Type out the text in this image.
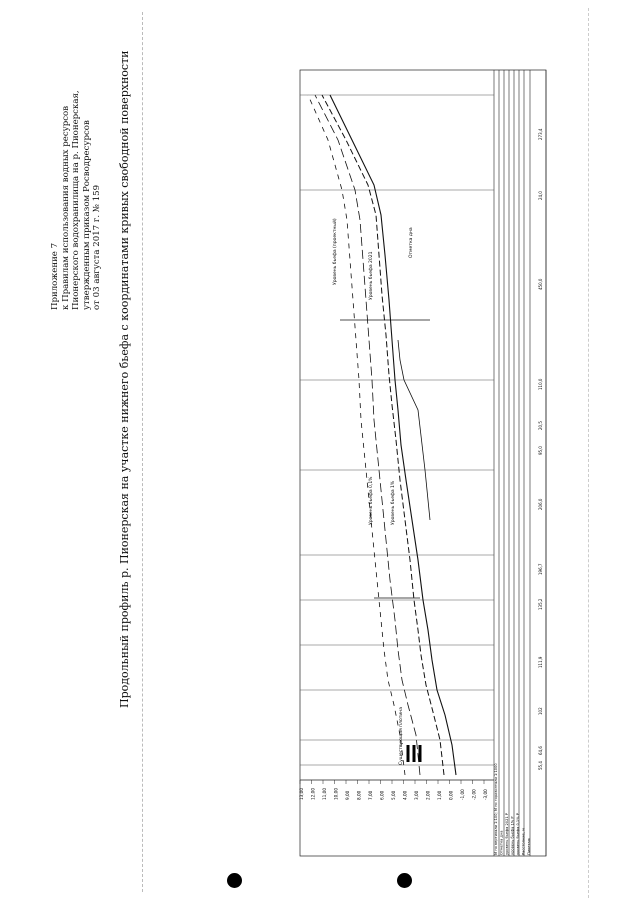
Приложение 7 к Правилам использования водных ресурсов Пионерского водохранилища на р. Пионерская, утвержденным приказом Росводресурсов от 03 августа 2017 г. № 159 Продольный профиль р. Пионерская на участке нижнего бьефа с координатами кривых свободной поверхности
13,00 12,00 11,00 10,00 9,00 8,00 7,00 6,00 5,00 4,00 3,00 2,00 1,00 0,00 -1,00 -2,00 -3,00
Существующая плотина
Уровень бьефа 0,1%	Уровень бьефа 1%
Уровень бьефа 2021
Уровень бьефа (проектный)	Отметка дна
М по вертикали 1:100; М по горизонтали 1:1000 Отметка дна уровень бьефа 2021 P уровень бьефа 1% P уровень бьефа 0,1% P Расстояние, м Пикетаж
55,4
64,6
102
111,9
135,2
196,7
206,0
95,0
20,5
110,0
450,0
24,0
273,4
